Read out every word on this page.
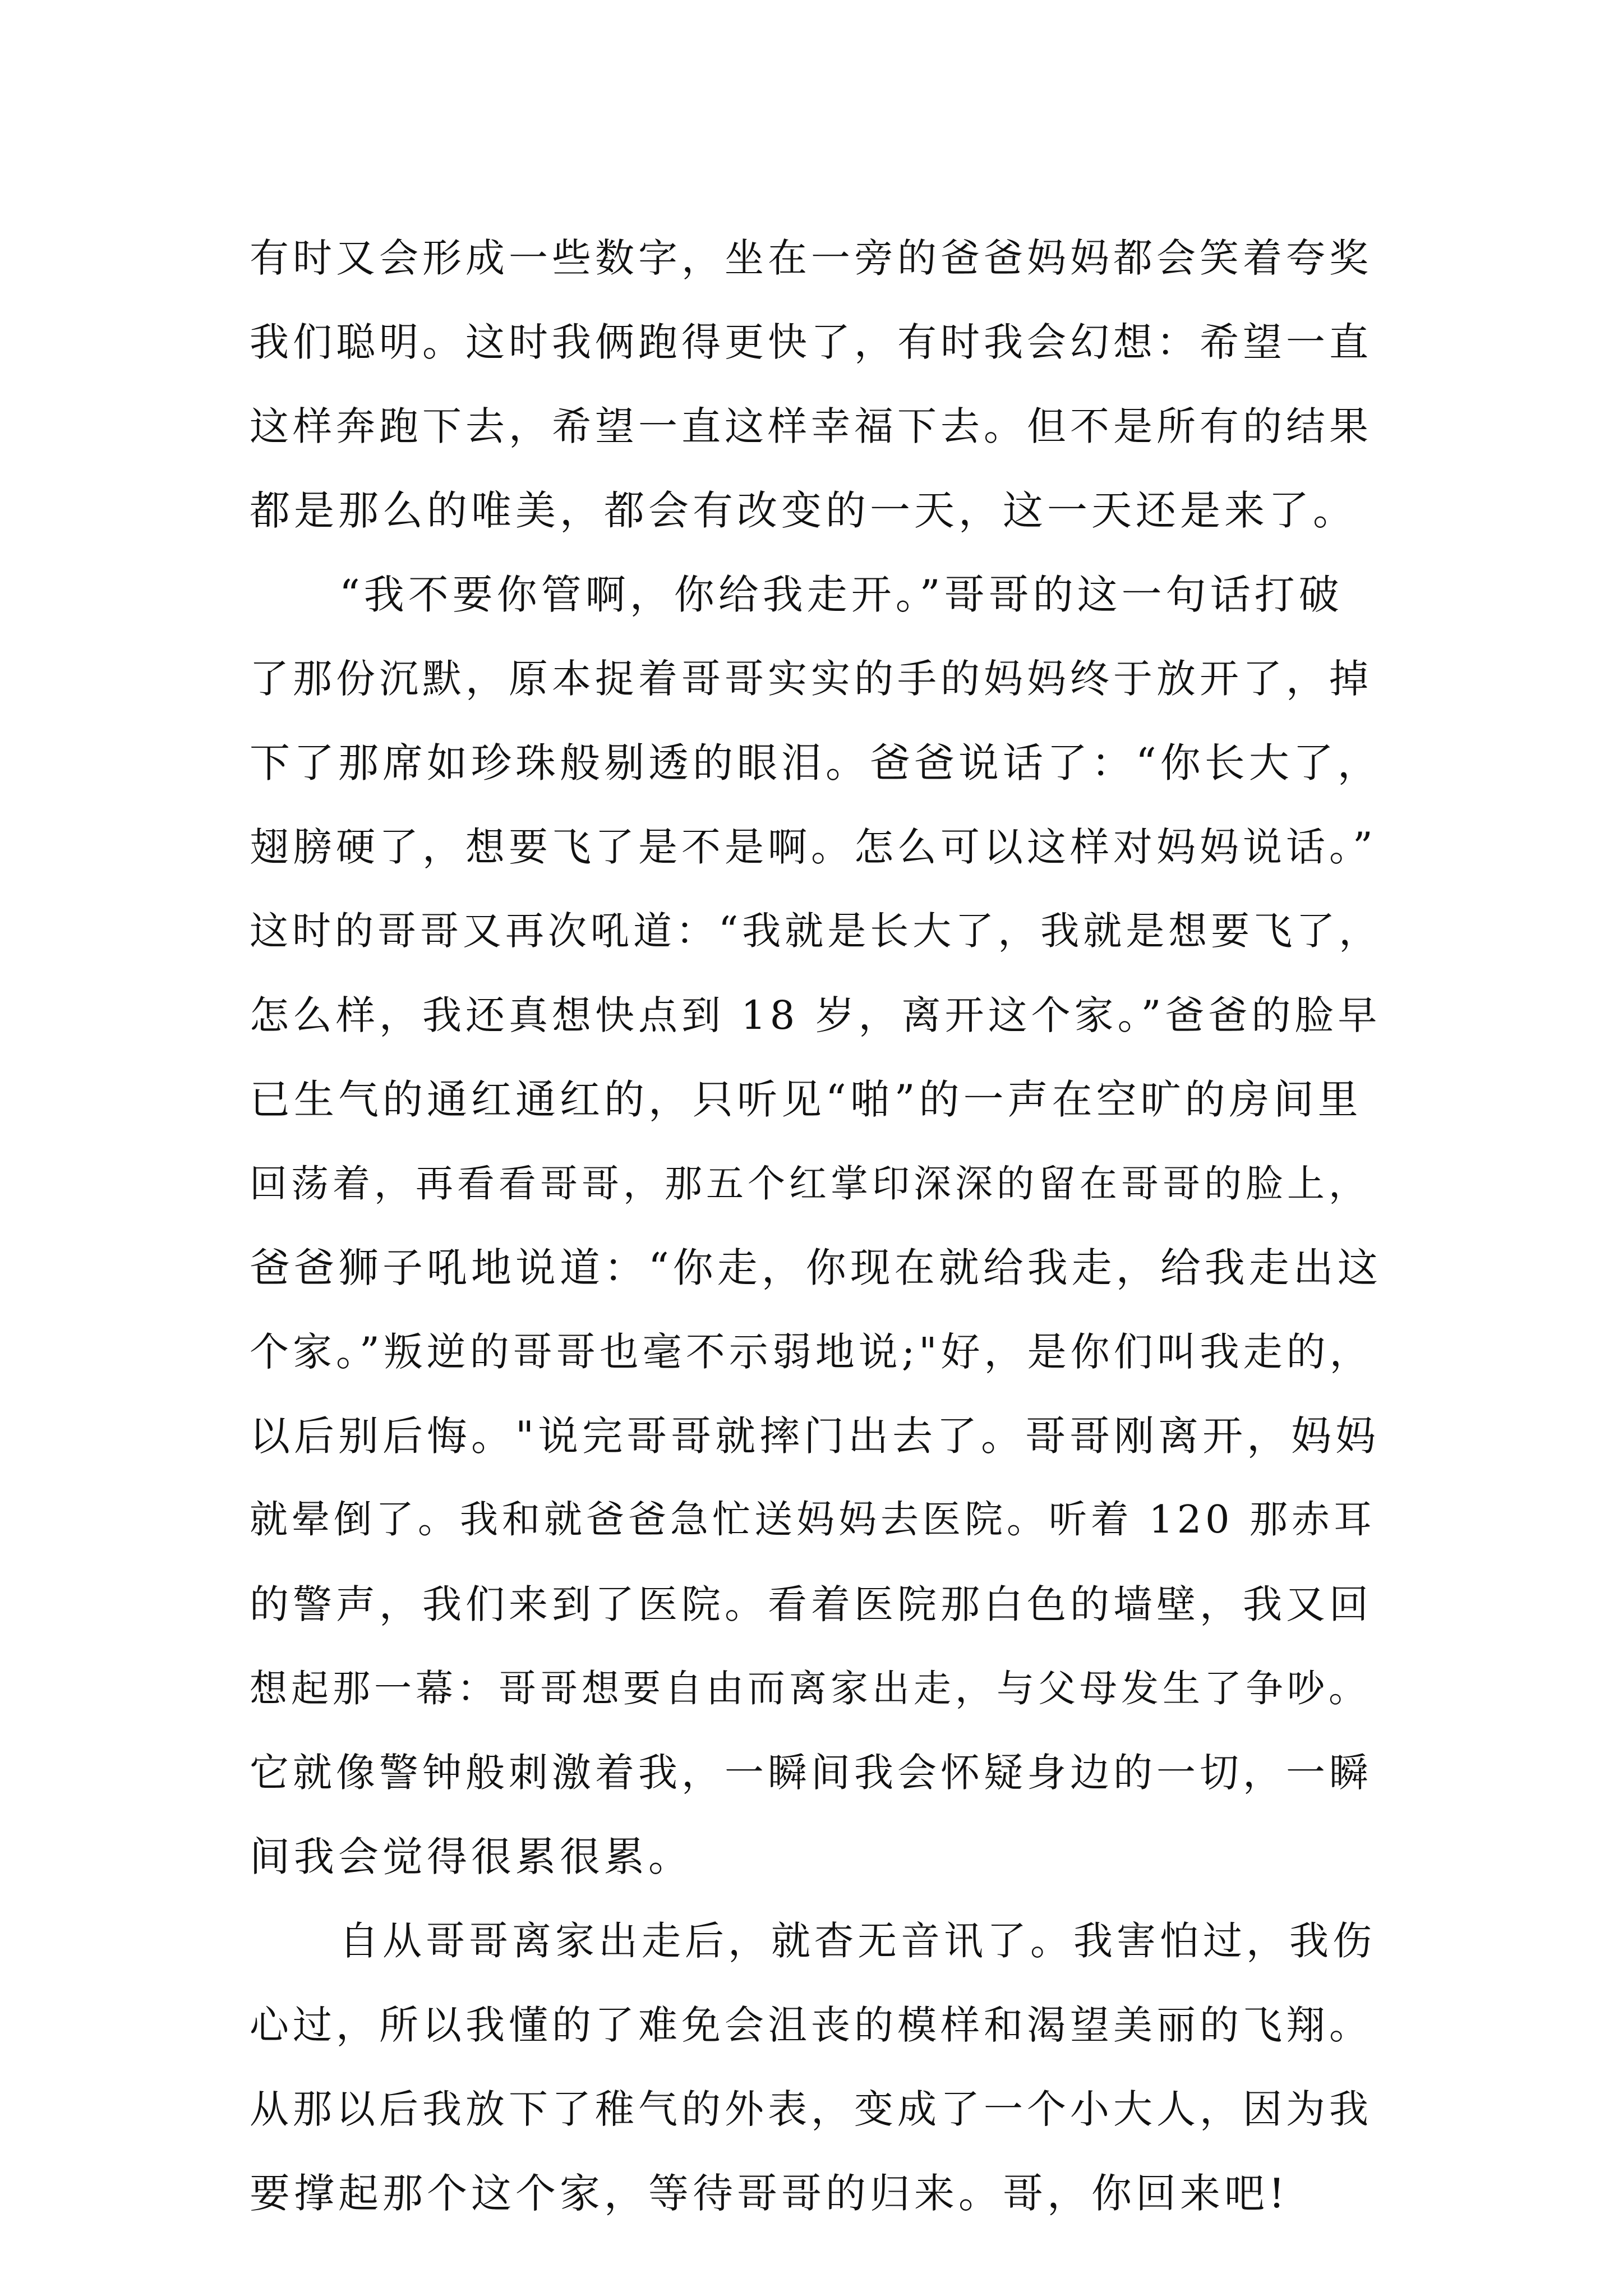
有时又会形成一些数字，坐在一旁的爸爸妈妈都会笑着夸奖
我们聪明。这时我俩跑得更快了，有时我会幻想：希望一直
这样奔跑下去，希望一直这样幸福下去。但不是所有的结果
都是那么的唯美，都会有改变的一天，这一天还是来了。
“我不要你管啊，你给我走开。”哥哥的这一句话打破
了那份沉默，原本捉着哥哥实实的手的妈妈终于放开了，掉
下了那席如珍珠般剔透的眼泪。爸爸说话了：“你长大了，
翅膀硬了，想要飞了是不是啊。怎么可以这样对妈妈说话。”
这时的哥哥又再次吼道：“我就是长大了，我就是想要飞了，
怎么样，我还真想快点到 18 岁，离开这个家。”爸爸的脸早
已生气的通红通红的，只听见“啪”的一声在空旷的房间里
回荡着，再看看哥哥，那五个红掌印深深的留在哥哥的脸上，
爸爸狮子吼地说道：“你走，你现在就给我走，给我走出这
个家。”叛逆的哥哥也毫不示弱地说;"好，是你们叫我走的，
以后别后悔。"说完哥哥就摔门出去了。哥哥刚离开，妈妈
就晕倒了。我和就爸爸急忙送妈妈去医院。听着 120 那赤耳
的警声，我们来到了医院。看着医院那白色的墙壁，我又回
想起那一幕：哥哥想要自由而离家出走，与父母发生了争吵。
它就像警钟般刺激着我，一瞬间我会怀疑身边的一切，一瞬
间我会觉得很累很累。
自从哥哥离家出走后，就杳无音讯了。我害怕过，我伤
心过，所以我懂的了难免会沮丧的模样和渴望美丽的飞翔。
从那以后我放下了稚气的外表，变成了一个小大人，因为我
要撑起那个这个家，等待哥哥的归来。哥，你回来吧!
